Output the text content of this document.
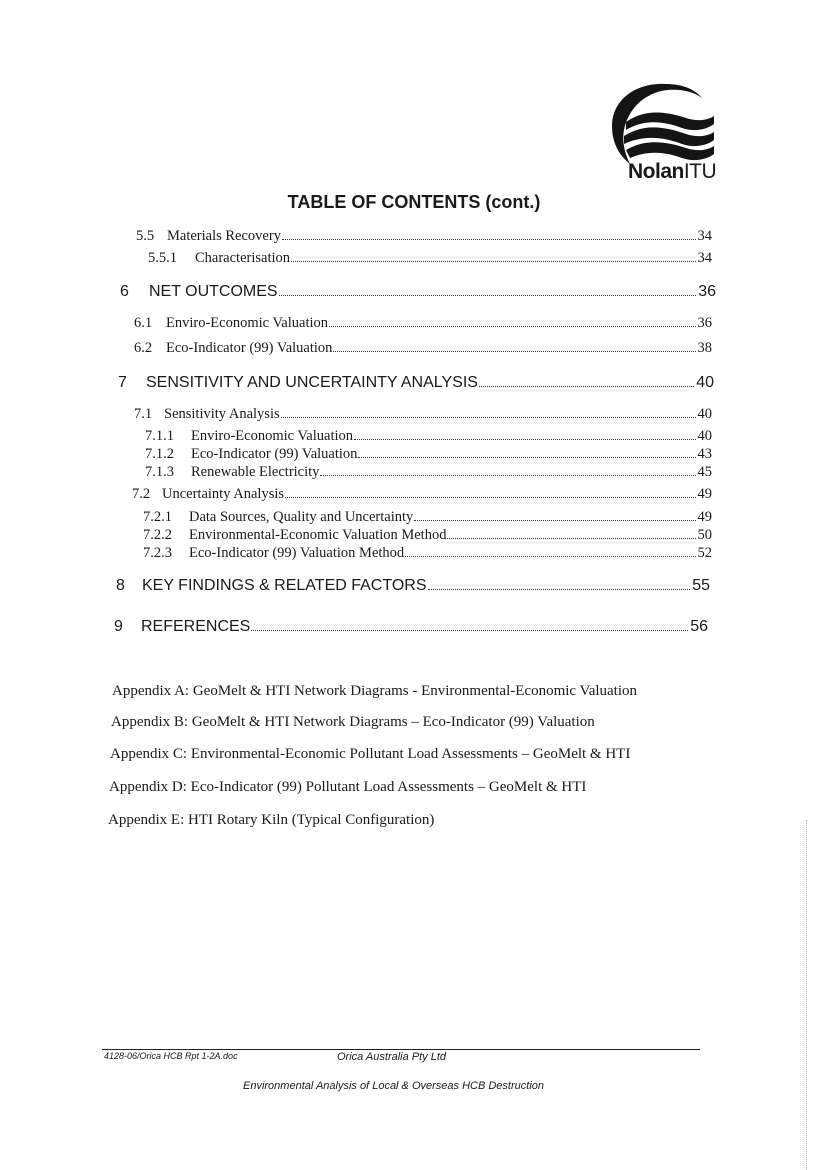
NolanITU
TABLE OF CONTENTS (cont.)
5.5 Materials Recovery	34
5.5.1	Characterisation	34
6	NET OUTCOMES	36
6.1 Enviro-Economic Valuation	36
6.2 Eco-Indicator (99) Valuation	38
7	SENSITIVITY AND UNCERTAINTY ANALYSIS	40
7.1 Sensitivity Analysis	40
7.1.1	Enviro-Economic Valuation	40
7.1.2	Eco-Indicator (99) Valuation	43
7.1.3	Renewable Electricity	45
7.2 Uncertainty Analysis	49
7.2.1	Data Sources, Quality and Uncertainty	49
7.2.2	Environmental-Economic Valuation Method	50
7.2.3	Eco-Indicator (99) Valuation Method	52
8	KEY FINDINGS & RELATED FACTORS	55
9	REFERENCES	56
Appendix A: GeoMelt & HTI Network Diagrams - Environmental-Economic Valuation
Appendix B: GeoMelt & HTI Network Diagrams – Eco-Indicator (99) Valuation
Appendix C: Environmental-Economic Pollutant Load Assessments – GeoMelt & HTI
Appendix D: Eco-Indicator (99) Pollutant Load Assessments – GeoMelt & HTI
Appendix E: HTI Rotary Kiln (Typical Configuration)
4128-06/Orica HCB Rpt 1-2A.doc	Orica Australia Pty Ltd
Environmental Analysis of Local & Overseas HCB Destruction
